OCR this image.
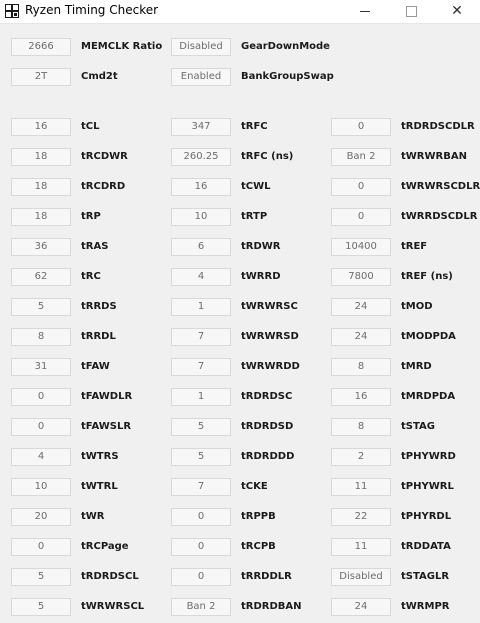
Ryzen Timing Checker	✕
2666	MEMCLK Ratio	Disabled	GearDownMode
2T	Cmd2t	Enabled	BankGroupSwap
16	tCL	347	tRFC	0	tRDRDSCDLR
18	tRCDWR	260.25	tRFC (ns)	Ban 2	tWRWRBAN
18	tRCDRD	16	tCWL	0	tWRWRSCDLR
18	tRP	10	tRTP	0	tWRRDSCDLR
36	tRAS	6	tRDWR	10400	tREF
62	tRC	4	tWRRD	7800	tREF (ns)
5	tRRDS	1	tWRWRSC	24	tMOD
8	tRRDL	7	tWRWRSD	24	tMODPDA
31	tFAW	7	tWRWRDD	8	tMRD
0	tFAWDLR	1	tRDRDSC	16	tMRDPDA
0	tFAWSLR	5	tRDRDSD	8	tSTAG
4	tWTRS	5	tRDRDDD	2	tPHYWRD
10	tWTRL	7	tCKE	11	tPHYWRL
20	tWR	0	tRPPB	22	tPHYRDL
0	tRCPage	0	tRCPB	11	tRDDATA
5	tRDRDSCL	0	tRRDDLR	Disabled	tSTAGLR
5	tWRWRSCL	Ban 2	tRDRDBAN	24	tWRMPR
